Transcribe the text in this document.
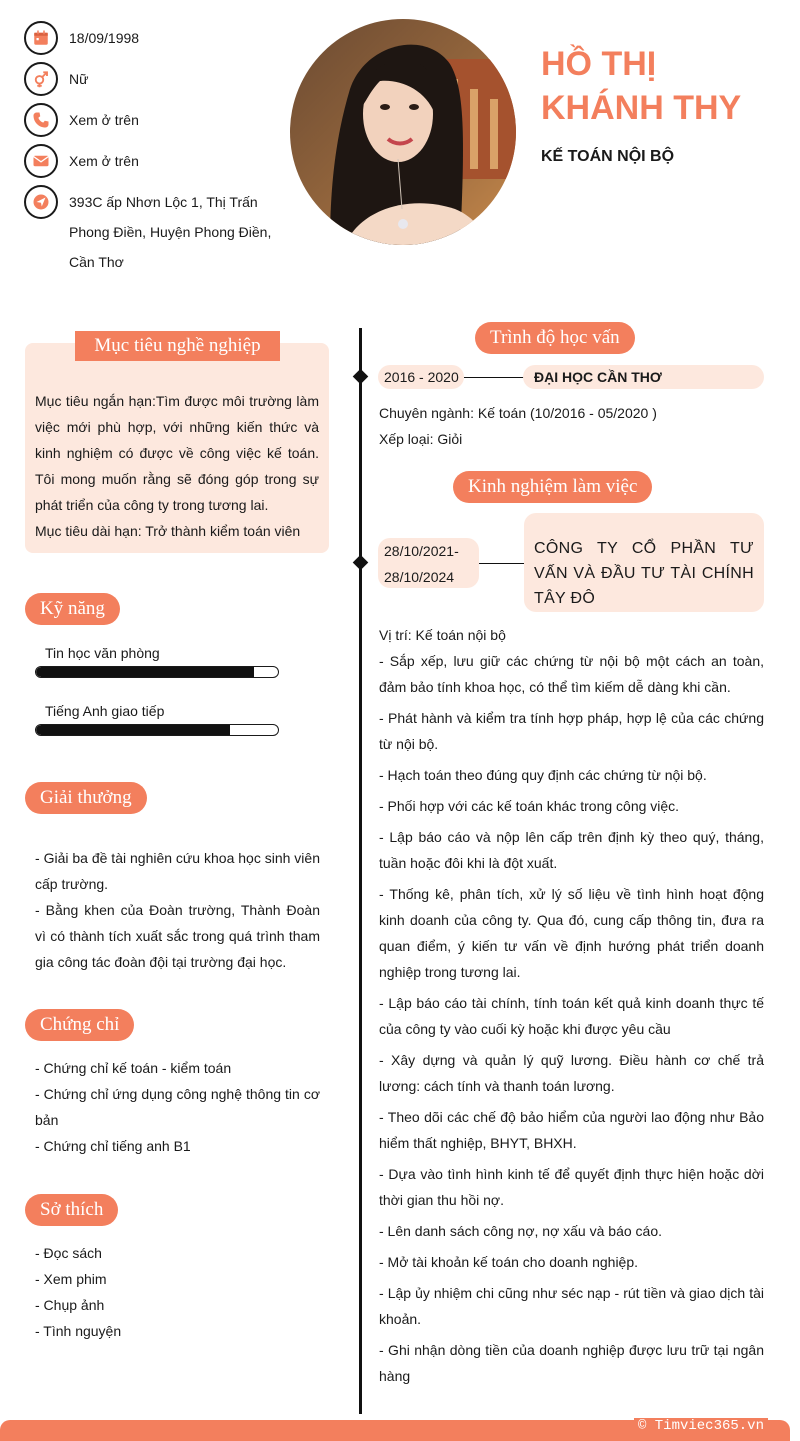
18/09/1998
Nữ
Xem ở trên
Xem ở trên
393C ấp Nhơn Lộc 1, Thị Trấn Phong Điền, Huyện Phong Điền, Cần Thơ
HỒ THỊ KHÁNH THY
KẾ TOÁN NỘI BỘ
Mục tiêu nghề nghiệp
Mục tiêu ngắn hạn:Tìm được môi trường làm việc mới phù hợp, với những kiến thức và kinh nghiệm có được về công việc kế toán. Tôi mong muốn rằng sẽ đóng góp trong sự phát triển của công ty trong tương lai.
Mục tiêu dài hạn: Trở thành kiểm toán viên
Kỹ năng
Tin học văn phòng
Tiếng Anh giao tiếp
Giải thưởng
- Giải ba đề tài nghiên cứu khoa học sinh viên cấp trường.
- Bằng khen của Đoàn trường, Thành Đoàn vì có thành tích xuất sắc trong quá trình tham gia công tác đoàn đội tại trường đại học.
Chứng chỉ
- Chứng chỉ kế toán - kiểm toán
- Chứng chỉ ứng dụng công nghệ thông tin cơ bản
- Chứng chỉ tiếng anh B1
Sở thích
- Đọc sách
- Xem phim
- Chụp ảnh
- Tình nguyện
Trình độ học vấn
2016 - 2020	ĐẠI HỌC CẦN THƠ
Chuyên ngành: Kế toán (10/2016 - 05/2020 )
Xếp loại: Giỏi
Kinh nghiệm làm việc
28/10/2021-
28/10/2024
CÔNG TY CỔ PHẦN TƯ VẤN VÀ ĐẦU TƯ TÀI CHÍNH TÂY ĐÔ

Vị trí: Kế toán nội bộ

- Sắp xếp, lưu giữ các chứng từ nội bộ một cách an toàn, đảm bảo tính khoa học, có thể tìm kiếm dễ dàng khi cần.

- Phát hành và kiểm tra tính hợp pháp, hợp lệ của các chứng từ nội bộ.

- Hạch toán theo đúng quy định các chứng từ nội bộ.

- Phối hợp với các kế toán khác trong công việc.

- Lập báo cáo và nộp lên cấp trên định kỳ theo quý, tháng, tuần hoặc đôi khi là đột xuất.

- Thống kê, phân tích, xử lý số liệu về tình hình hoạt động kinh doanh của công ty. Qua đó, cung cấp thông tin, đưa ra quan điểm, ý kiến tư vấn về định hướng phát triển doanh nghiệp trong tương lai.

- Lập báo cáo tài chính, tính toán kết quả kinh doanh thực tế của công ty vào cuối kỳ hoặc khi được yêu cầu

- Xây dựng và quản lý quỹ lương. Điều hành cơ chế trả lương: cách tính và thanh toán lương.

- Theo dõi các chế độ bảo hiểm của người lao động như Bảo hiểm thất nghiệp, BHYT, BHXH.

- Dựa vào tình hình kinh tế để quyết định thực hiện hoặc dời thời gian thu hồi nợ.

- Lên danh sách công nợ, nợ xấu và báo cáo.

- Mở tài khoản kế toán cho doanh nghiệp.

- Lập ủy nhiệm chi cũng như séc nạp - rút tiền và giao dịch tài khoản.

- Ghi nhận dòng tiền của doanh nghiệp được lưu trữ tại ngân hàng

© Timviec365.vn
